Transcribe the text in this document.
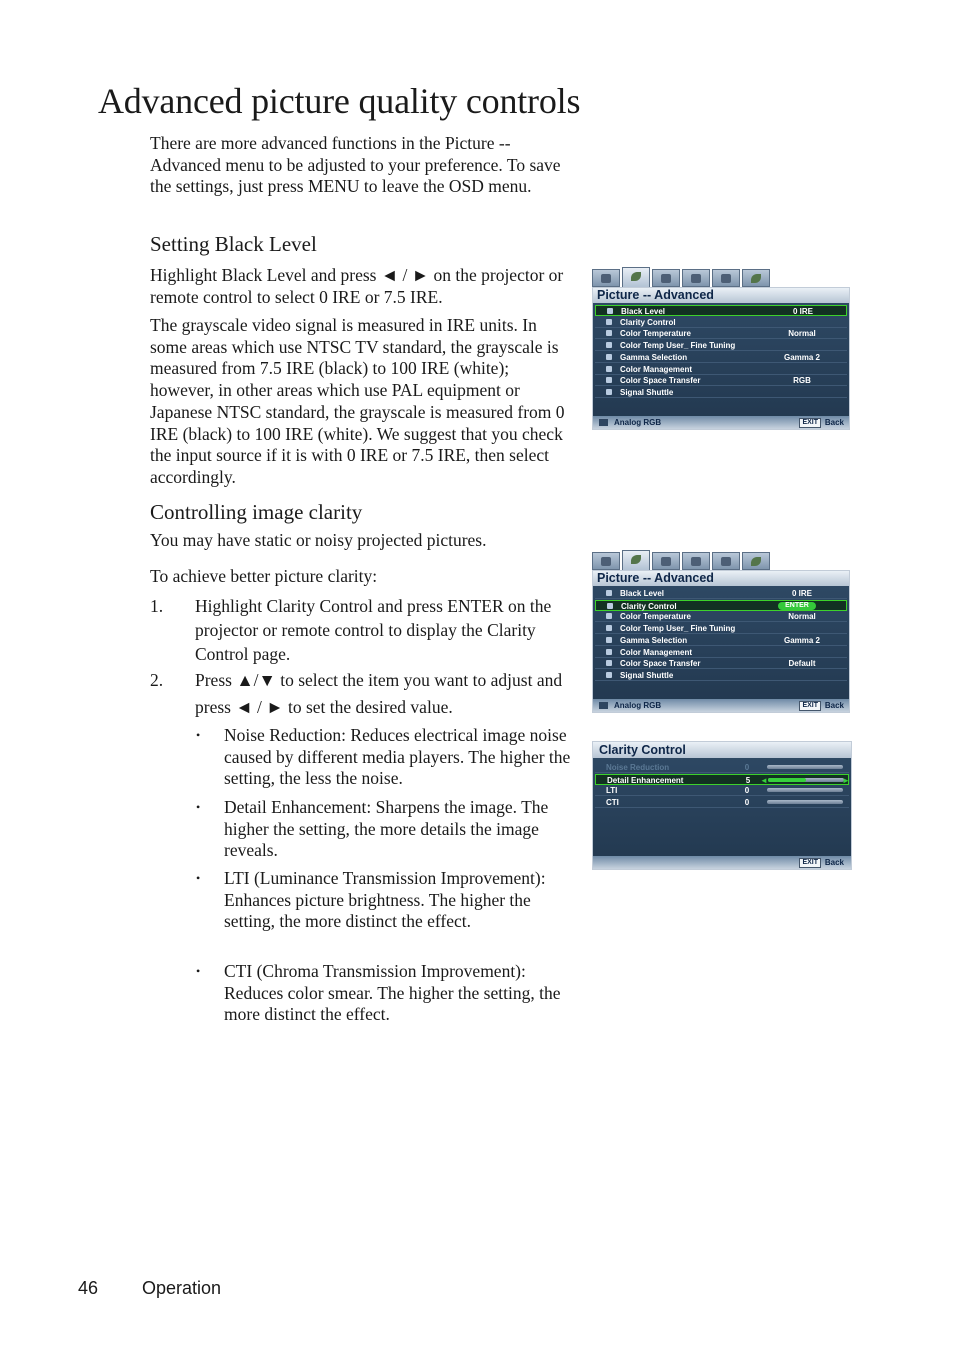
Advanced picture quality controls

There are more advanced functions in the Picture -- Advanced menu to be adjusted to your preference. To save the settings, just press MENU to leave the OSD menu.

Setting Black Level

Highlight Black Level and press ◄ / ► on the projector or remote control to select 0 IRE or 7.5 IRE.

The grayscale video signal is measured in IRE units. In some areas which use NTSC TV standard, the grayscale is measured from 7.5 IRE (black) to 100 IRE (white); however, in other areas which use PAL equipment or Japanese NTSC standard, the grayscale is measured from 0 IRE (black) to 100 IRE (white). We suggest that you check the input source if it is with 0 IRE or 7.5 IRE, then select accordingly.

Controlling image clarity

You may have static or noisy projected pictures.

To achieve better picture clarity:

1. Highlight Clarity Control and press ENTER on the projector or remote control to display the Clarity Control page.
2. Press ▲/▼ to select the item you want to adjust and press ◄ / ► to set the desired value.
• Noise Reduction: Reduces electrical image noise caused by different media players. The higher the setting, the less the noise.
• Detail Enhancement: Sharpens the image. The higher the setting, the more details the image reveals.
• LTI (Luminance Transmission Improvement): Enhances picture brightness. The higher the setting, the more distinct the effect.
• CTI (Chroma Transmission Improvement): Reduces color smear. The higher the setting, the more distinct the effect.
Picture -- Advanced
Black Level	0 IRE
Clarity Control
Color Temperature	Normal
Color Temp User_ Fine Tuning
Gamma Selection	Gamma 2
Color Management
Color Space Transfer	RGB
Signal Shuttle
Analog RGB	EXIT Back
Picture -- Advanced
Black Level	0 IRE
Clarity Control	ENTER
Color Temperature	Normal
Color Temp User_ Fine Tuning
Gamma Selection	Gamma 2
Color Management
Color Space Transfer	Default
Signal Shuttle
Analog RGB	EXIT Back
Clarity Control
Noise Reduction	0
Detail Enhancement	5	◄	►
LTI	0
CTI	0
EXIT Back
46 Operation
